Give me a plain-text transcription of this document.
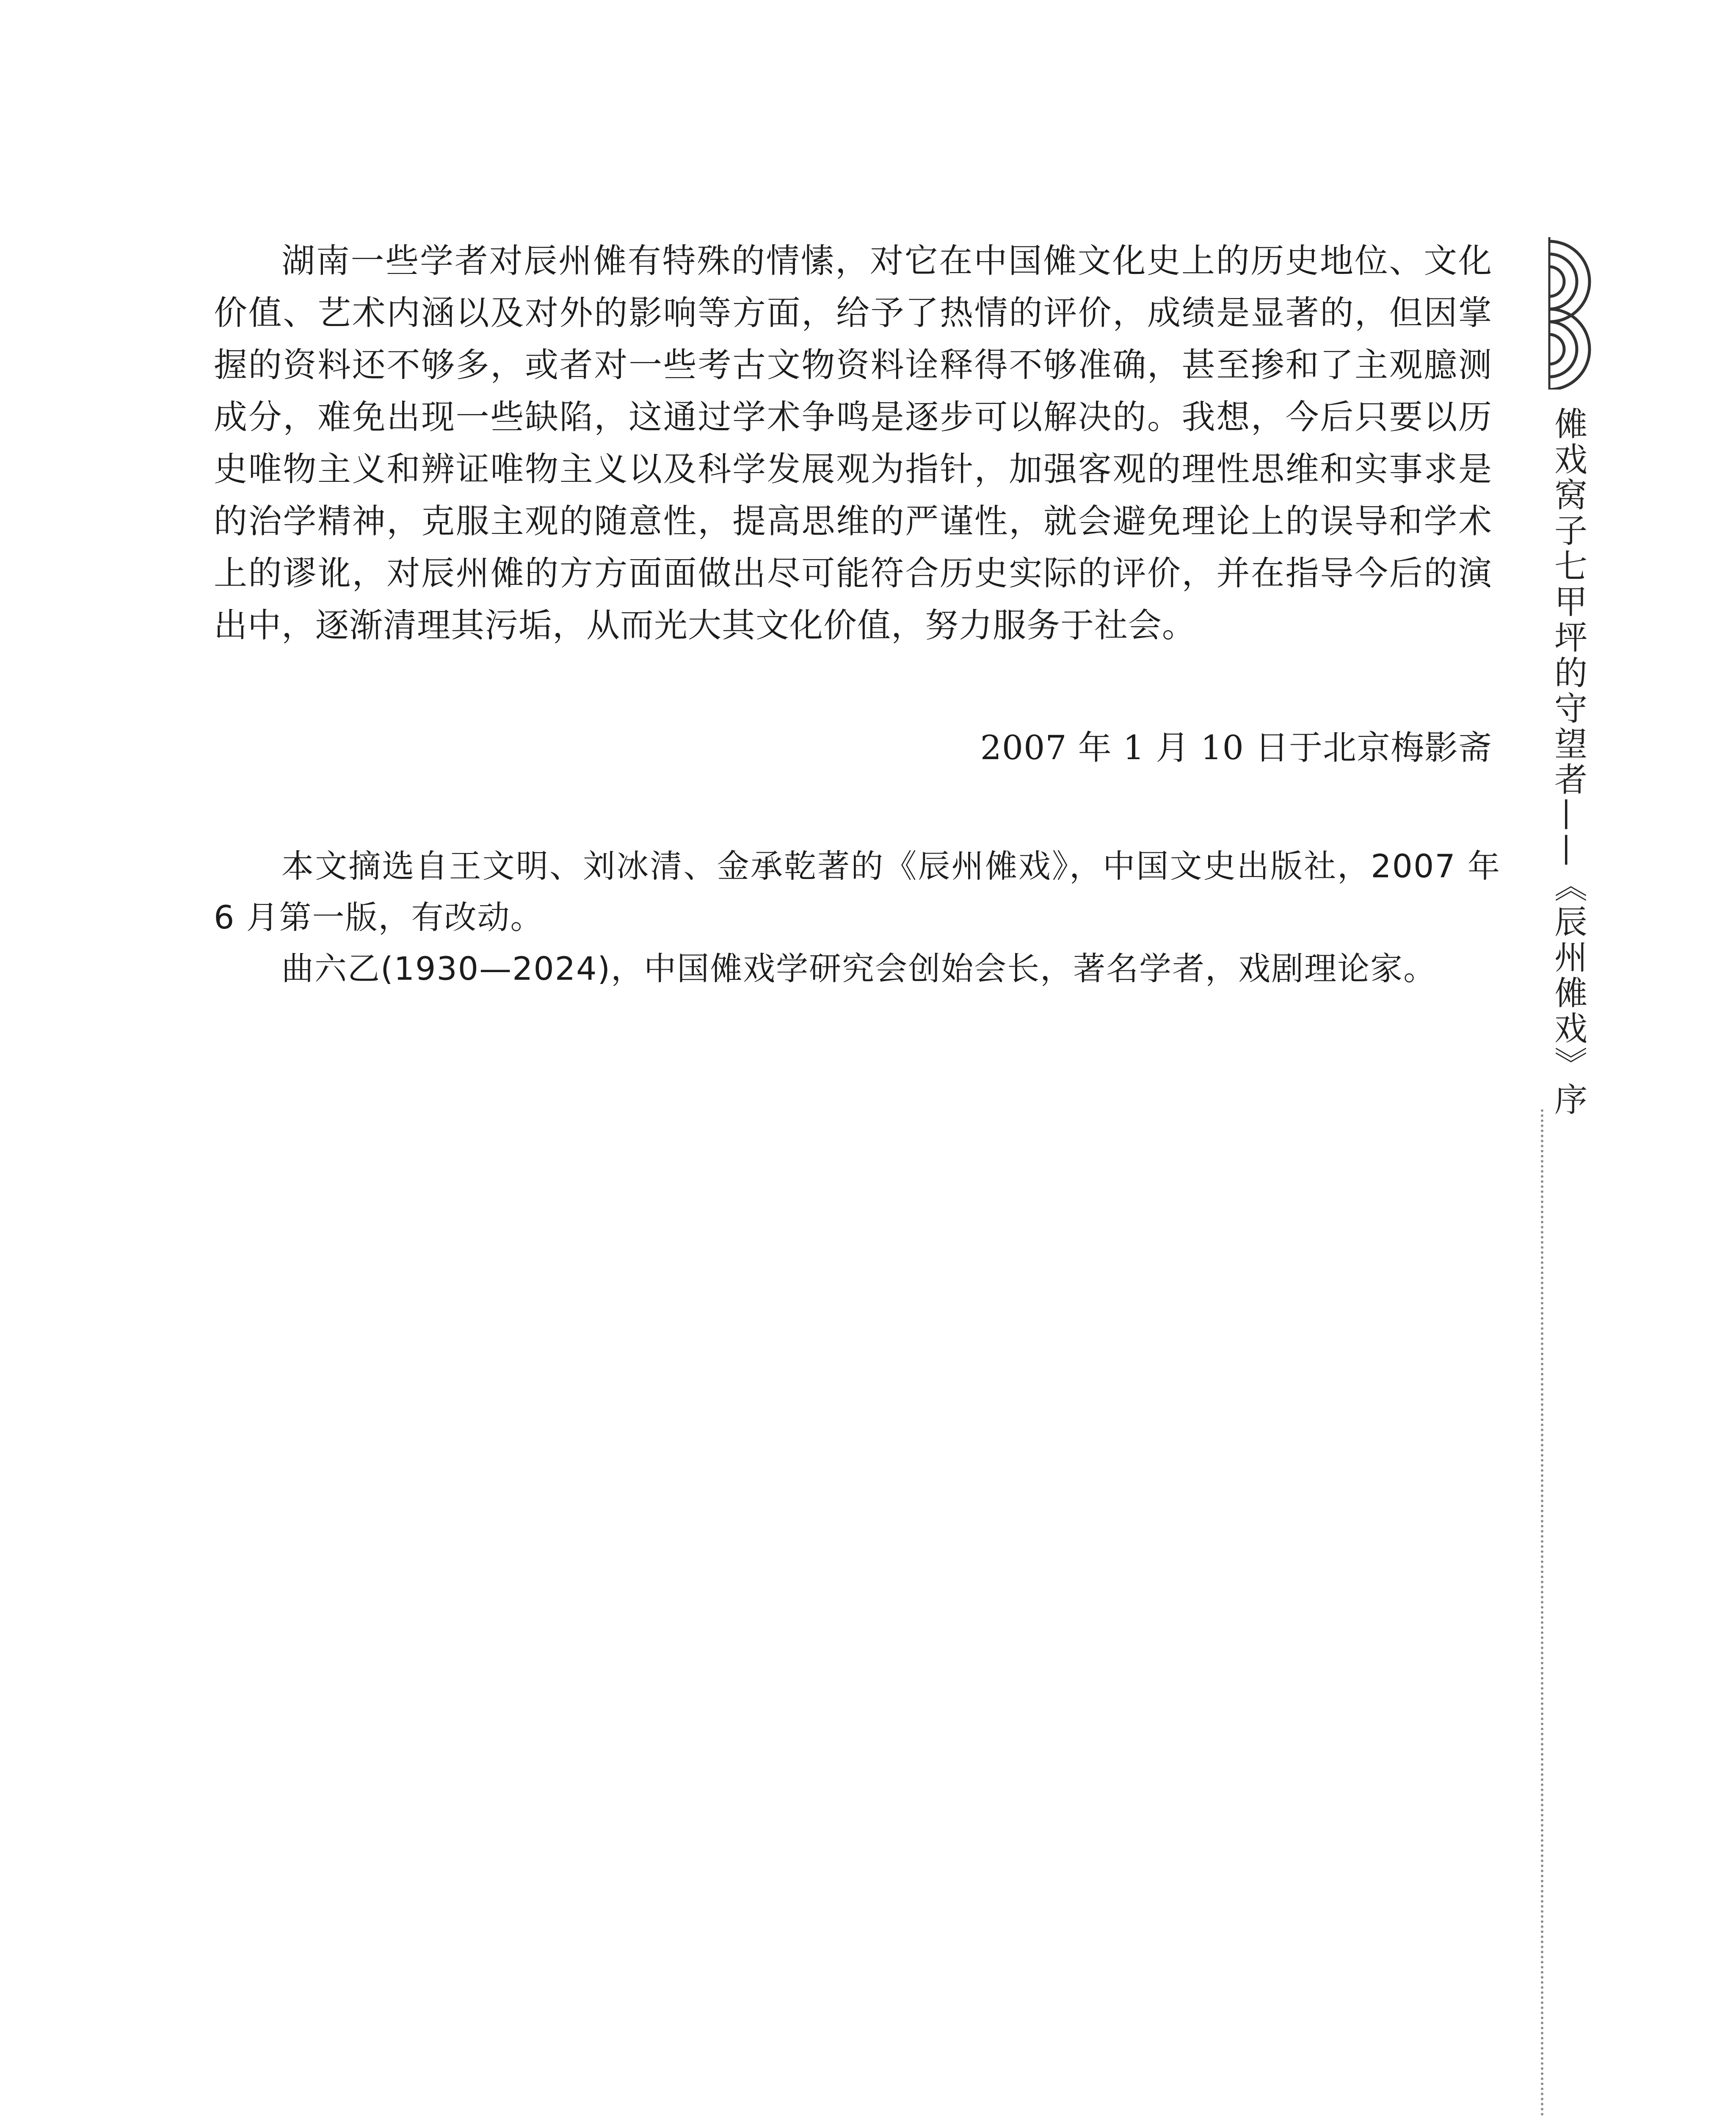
湖南一些学者对辰州傩有特殊的情愫，对它在中国傩文化史上的历史地位、文化价值、艺术内涵以及对外的影响等方面，给予了热情的评价，成绩是显著的，但因掌握的资料还不够多，或者对一些考古文物资料诠释得不够准确，甚至掺和了主观臆测成分，难免出现一些缺陷，这通过学术争鸣是逐步可以解决的。我想，今后只要以历史唯物主义和辨证唯物主义以及科学发展观为指针，加强客观的理性思维和实事求是的治学精神，克服主观的随意性，提高思维的严谨性，就会避免理论上的误导和学术上的谬讹，对辰州傩的方方面面做出尽可能符合历史实际的评价，并在指导今后的演出中，逐渐清理其污垢，从而光大其文化价值，努力服务于社会。

2007 年 1 月 10 日于北京梅影斋

本文摘选自王文明、刘冰清、金承乾著的《辰州傩戏》，中国文史出版社，2007 年 6 月第一版，有改动。

曲六乙(1930—2024)，中国傩戏学研究会创始会长，著名学者，戏剧理论家。	傩戏窝子七甲坪的守望者——《辰州傩戏》序
